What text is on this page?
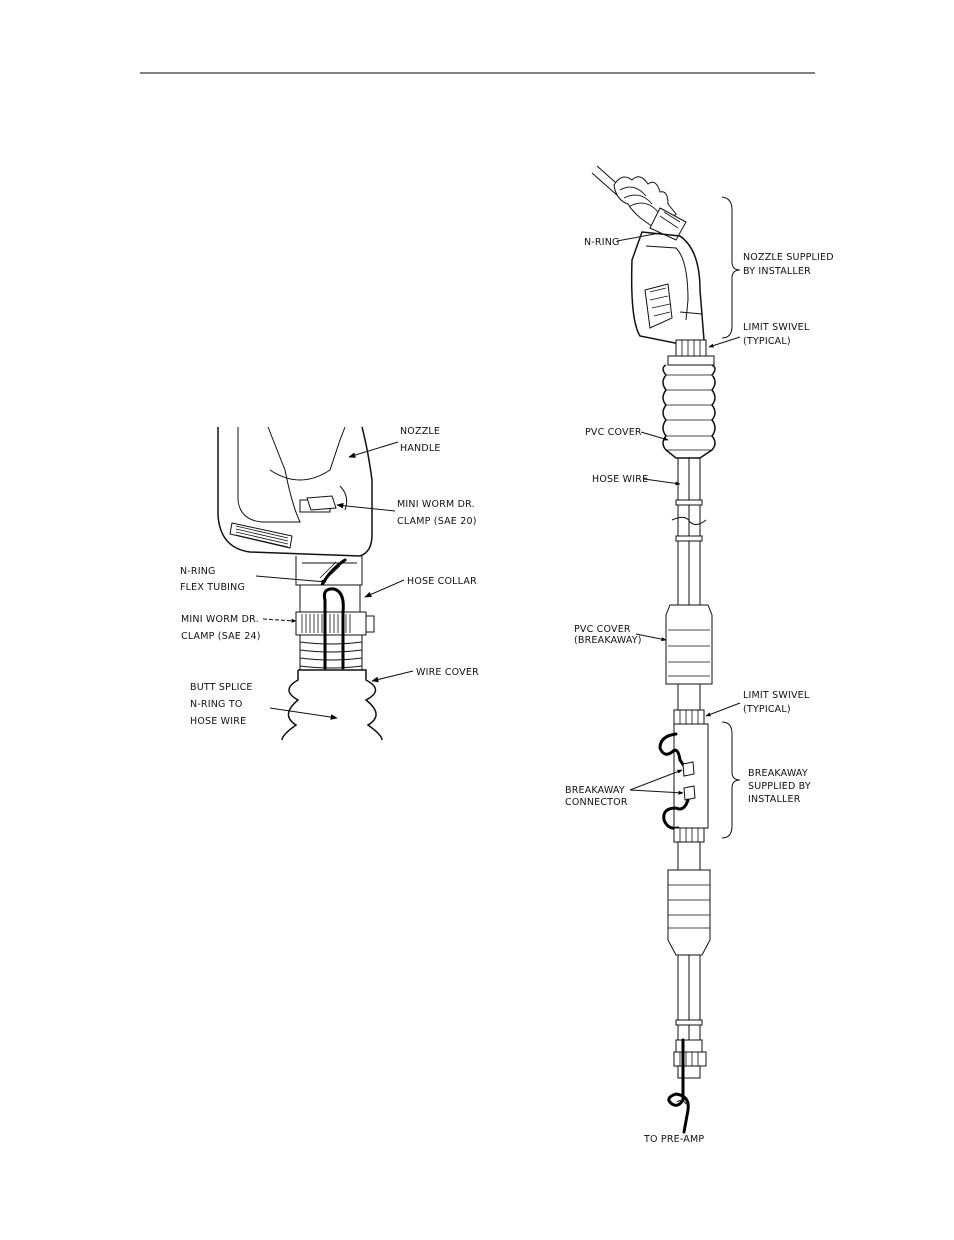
NOZZLE
HANDLE
MINI WORM DR.
CLAMP (SAE 20)
N-RING
FLEX TUBING
HOSE COLLAR
MINI WORM DR.
CLAMP (SAE 24)
WIRE COVER
BUTT SPLICE
N-RING TO
HOSE WIRE
N-RING
NOZZLE SUPPLIED
BY INSTALLER
LIMIT SWIVEL
(TYPICAL)
PVC COVER
HOSE WIRE
PVC COVER
(BREAKAWAY)
LIMIT SWIVEL
(TYPICAL)
BREAKAWAY
SUPPLIED BY
INSTALLER
BREAKAWAY
CONNECTOR
TO PRE-AMP
